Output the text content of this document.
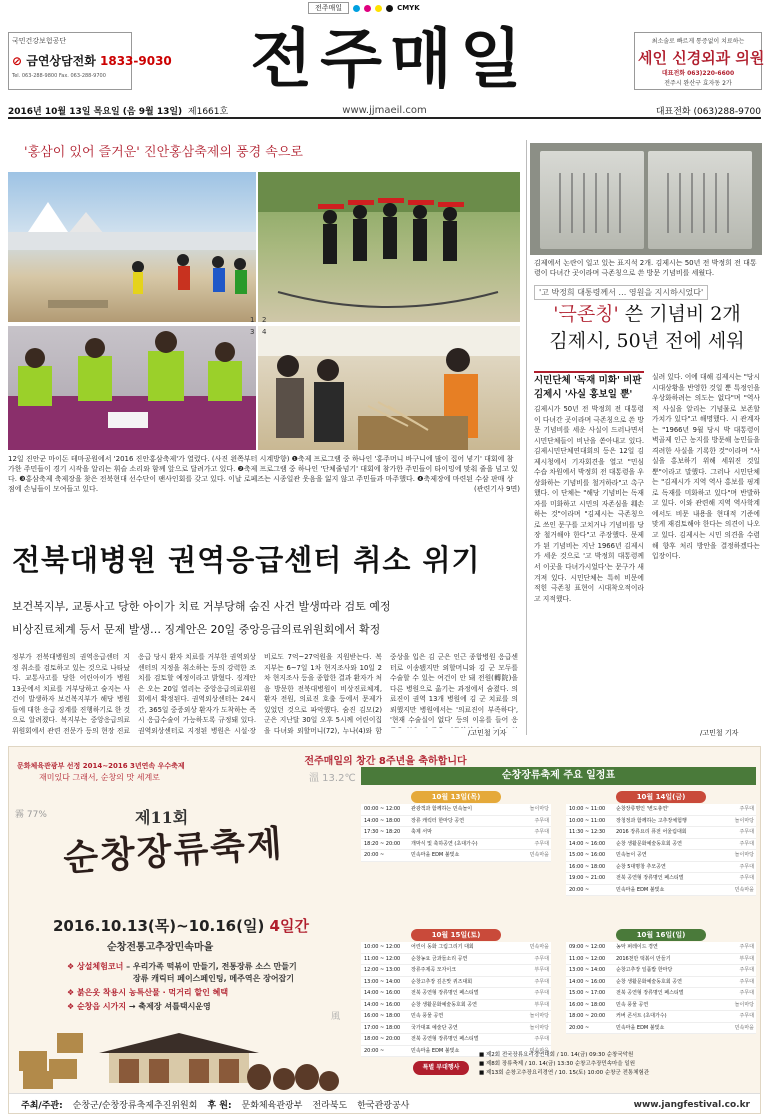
전주매일	CMYK
국민건강보험공단
⊘ 금연상담전화 1833-9030
Tel. 063-288-9800 Fax. 063-288-9700	전주매일	최소술로 빠르게 통증없이 치료하는
세인 신경외과 의원
대표전화 063)220-6600
전주시 완산구 효자동 2가
2016년 10월 13일 목요일 (음 9월 13일) 제1661호	www.jjmaeil.com	대표전화 (063)288-9700
'홍삼이 있어 즐거운' 진안홍삼축제의 풍경 속으로
1 2
3 4
12일 진안군 마이돈 테마공원에서 '2016 진안홍삼축제'가 열렸다. (사진 왼쪽부터 시계방향) ❶축제 프로그램 중 하나인 '홍주머니 바구니에 많이 집어 넣기' 대회에 참가한 주민들이 경기 시작을 알리는 휘슬 소리와 함께 앞으로 달려가고 있다. ❷축제 프로그램 중 하나인 '단체줄넘기' 대회에 참가한 주민들이 타이밍에 맞춰 줄을 넘고 있다. ❸홍삼축제 축제장을 찾은 전북현대 선수단이 팬사인회를 갖고 있다. 이날 로페즈는 시종일관 웃음을 잃지 않고 주민들과 마주했다. ❹축제장에 마련된 수삼 판매 상점에 손님들이 모여들고 있다.	(관련기사 9면)
김제에서 논란이 일고 있는 표지석 2개. 김제시는 50년 전 박정희 전 대통령이 다녀간 곳이라며 극존칭으로 쓴 방문 기념비를 세웠다.
'고 박정희 대통령께서 … 영원을 지시하시었다'
'극존칭' 쓴 기념비 2개
김제시, 50년 전에 세워
시민단체 '독재 미화' 비판
김제시 '사실 홍보일 뿐'
김제시가 50년 전 박정희 전 대통령이 다녀간 곳이라며 극존칭으로 쓴 방문 기념비를 세운 사실이 드러나면서 시민단체들이 비난을 쏟아내고 있다. 김제시민단체연대회의 등은 12일 김제시청에서 기자회견을 열고 "민심 수습 차원에서 박정희 전 대통령을 우상화하는 기념비를 철거하라"고 촉구했다. 이 단체는 "해당 기념비는 독재자를 미화하고 시민의 자존심을 훼손하는 것"이라며 "김제시는 극존칭으로 쓰인 문구를 고치거나 기념비를 당장 철거해야 한다"고 주장했다. 문제가 된 기념비는 지난 1966년 김제시가 세운 것으로 '고 박정희 대통령께서 이곳을 다녀가시었다'는 문구가 새겨져 있다. 시민단체는 특히 비문에 적힌 극존칭 표현이 시대착오적이라고 지적했다.
실려 있다. 이에 대해 김제시는 "당시 시대상황을 반영한 것일 뿐 특정인을 우상화하려는 의도는 없다"며 "역사적 사실을 알리는 기념물로 보존할 가치가 있다"고 해명했다. 시 관계자는 "1966년 9월 당시 박 대통령이 벽골제 인근 농지를 방문해 농민들을 격려한 사실을 기록한 것"이라며 "사실을 홍보하기 위해 세워진 것일 뿐"이라고 말했다. 그러나 시민단체는 "김제시가 지역 역사 홍보를 핑계로 독재를 미화하고 있다"며 반발하고 있다. 이와 관련해 지역 역사학계에서도 비문 내용을 현대적 기준에 맞게 재검토해야 한다는 의견이 나오고 있다. 김제시는 시민 의견을 수렴해 향후 처리 방안을 결정하겠다는 입장이다.
/고민철 기자
전북대병원 권역응급센터 취소 위기
보건복지부, 교통사고 당한 아이가 치료 거부당해 숨진 사건 발생따라 검토 예정
비상진료체계 등서 문제 발생… 징계안은 20일 중앙응급의료위원회에서 확정
정부가 전북대병원의 권역응급센터 지정 취소를 검토하고 있는 것으로 나타났다. 교통사고를 당한 어린아이가 병원 13곳에서 치료를 거부당하고 숨지는 사건이 발생하자 보건복지부가 해당 병원들에 대한 응급 징계를 진행하기로 한 것으로 알려졌다. 복지부는 중앙응급의료위원회에서 관련 전문가 등의 현장 진료
응급 당시 환자 치료를 거부한 권역외상센터의 지정을 취소하는 등의 강력한 조치를 검토할 예정이라고 밝혔다. 징계안은 오는 20일 열리는 중앙응급의료위원회에서 확정된다. 권역외상센터는 24시간, 365일 중증외상 환자가 도착하는 즉시 응급수술이 가능하도록 규정돼 있다. 권역외상센터로 지정된 병원은 시설·장
비로도 7억~27억원을 지원받는다. 복지부는 6~7일 1차 현지조사와 10일 2차 현지조사 등을 종합한 결과 환자가 처음 방문한 전북대병원이 비상진료체계, 환자 전원, 의료진 호출 등에서 문제가 있었던 것으로 파악했다. 숨진 김모(2) 군은 지난달 30일 오후 5시께 어린이집을 다녀와 외할머니(72), 누나(4)와 함
중상을 입은 김 군은 인근 종합병원 응급센터로 이송됐지만 외할머니와 김 군 모두를 수술할 수 있는 여건이 안 돼 전원(轉院)을 다른 병원으로 옮기는 과정에서 숨졌다. 의료진이 권역 13개 병원에 김 군 치료를 의뢰했지만 병원에서는 '의료진이 부족하다', '현재 수술실이 없다' 등의 이유를 들어 응
/고민철 기자
전주매일의 창간 8주년을 축하합니다
문화체육관광부 선정 2014~2016 3년연속 우수축제
재미있다 그래서, 순창의 맛 세계로
霧 77%
溫 13.2℃
風
제11회
순창장류축제
2016.10.13(목)~10.16(일) 4일간
순창전통고추장민속마을
❖ 상설체험코너 – 우리가족 떡볶이 만들기, 전통장류 소스 만들기
장류 캐릭터 페이스페인팅, 메주역은 장어잡기
❖ 붉은옷 착용시 농특산물 · 먹거리 할인 혜택
❖ 순창읍 시가지 → 축제장 셔틀택시운영
순창장류축제 주요 일정표
10월 13일(목)
00:00 ~ 12:00	관광객과 함께하는 민속놀이	놀이마당
14:00 ~ 18:00	장류 캐릭터 한마당 공연	주무대
17:30 ~ 18:20	축제 서막	주무대
18:20 ~ 20:00	개막식 및 축하공연 (초대가수)	주무대
20:00 ~	민속마을 EDM 불빛쇼	민속마을
10월 14일(금)
10:00 ~ 11:00	순창장류명인 '변도총연'	주무대
10:00 ~ 11:00	장청정과 함께하는 고추장체험행	놀이마당
11:30 ~ 12:30	2016 장류요리 퓨전 어울림대회	주무대
14:00 ~ 16:00	순창 생활문화예술동호회 공연	주무대
15:00 ~ 16:00	민속놀이 공연	놀이마당
16:00 ~ 18:00	순창 5대명창 추모공연	주무대
19:00 ~ 21:00	전북 공연형 장류명인 페스티벌	주무대
20:00 ~	민속마을 EDM 불빛쇼	민속마을
10월 15일(토)
10:00 ~ 12:00	어린이 동화 그림그리기 대회	민속마을
11:00 ~ 12:00	순창농요 금과들소리 공연	주무대
12:00 ~ 13:00	장류주제곡 모자이크	부무대
13:00 ~ 14:00	순창고추장 깊은맛 퀴즈대회	주무대
14:00 ~ 16:00	전북 공연형 장류명인 페스티벌	주무대
14:00 ~ 16:00	순창 생활문화예술동호회 공연	부무대
16:00 ~ 18:00	민속 풍물 공연	놀이마당
17:00 ~ 18:00	국가대표 예술단 공연	놀이마당
18:00 ~ 20:00	전북 공연형 장류명인 페스티벌	주무대
20:00 ~	민속마을 EDM 불빛쇼	민속마을
10월 16일(일)
09:00 ~ 12:00	농악 퍼레이드 경연	주무대
11:00 ~ 12:00	2016천만 떡볶이 만들기	부무대
13:00 ~ 14:00	순창고추장 일품밥 한마당	주무대
14:00 ~ 16:00	순창 생활문화예술동호회 공연	주무대
15:00 ~ 17:00	전북 공연형 장류명인 페스티벌	주무대
16:00 ~ 18:00	민속 풍물 공연	놀이마당
18:00 ~ 20:00	커버 콘서트 (초대가수)	주무대
20:00 ~	민속마을 EDM 불빛쇼	민속마을
특별 부대행사
■ 제2회 전국장류요리경연대회 / 10. 14(금) 09:30 순창국악원
■ 제8회 장류축제 / 10. 14(금) 13:30 순창고추장민속마을 일원
■ 제13회 순창고추장요리경연 / 10. 15(토) 10:00 순창군 전통체험관
주최/주관: 순창군/순창장류축제추진위원회 후 원: 문화체육관광부 전라북도 한국관광공사	www.jangfestival.co.kr
